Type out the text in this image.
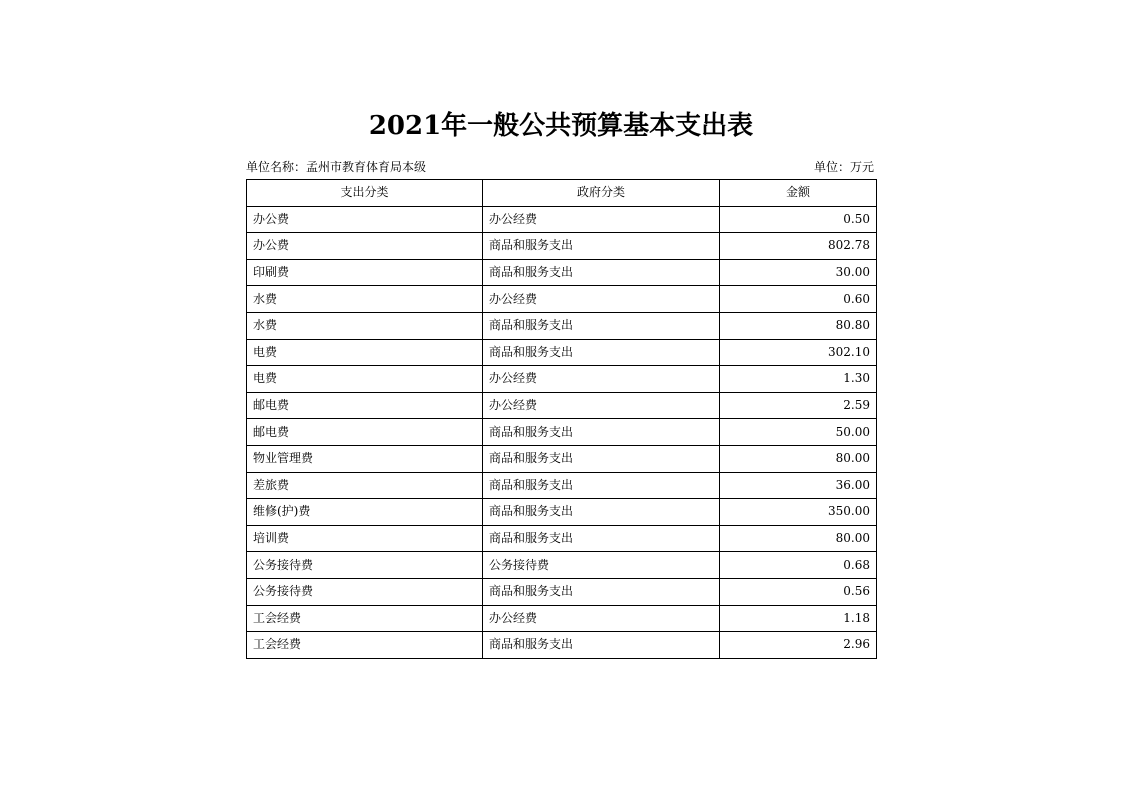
2021年一般公共预算基本支出表
单位名称：孟州市教育体育局本级	单位：万元
支出分类	政府分类	金额
办公费	办公经费	0.50
办公费	商品和服务支出	802.78
印刷费	商品和服务支出	30.00
水费	办公经费	0.60
水费	商品和服务支出	80.80
电费	商品和服务支出	302.10
电费	办公经费	1.30
邮电费	办公经费	2.59
邮电费	商品和服务支出	50.00
物业管理费	商品和服务支出	80.00
差旅费	商品和服务支出	36.00
维修(护)费	商品和服务支出	350.00
培训费	商品和服务支出	80.00
公务接待费	公务接待费	0.68
公务接待费	商品和服务支出	0.56
工会经费	办公经费	1.18
工会经费	商品和服务支出	2.96
